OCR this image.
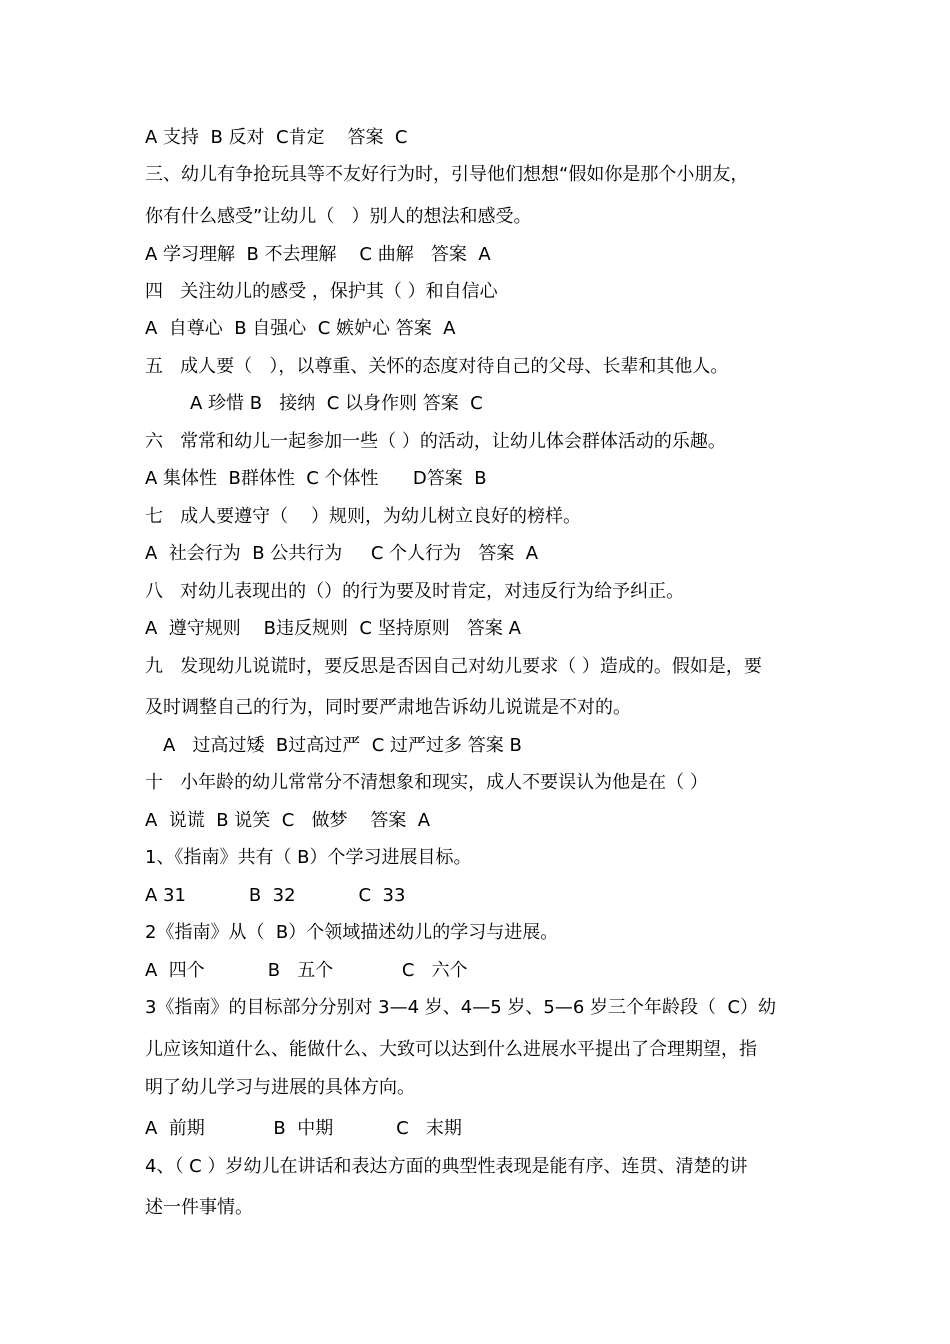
A 支持  B 反对  C肯定    答案  C
三、幼儿有争抢玩具等不友好行为时，引导他们想想“假如你是那个小朋友，
你有什么感受”让幼儿（   ）别人的想法和感受。
A 学习理解  B 不去理解    C 曲解   答案  A
四   关注幼儿的感受 ，保护其（ ）和自信心
A  自尊心  B 自强心  C 嫉妒心 答案  A
五   成人要（   ），以尊重、关怀的态度对待自己的父母、长辈和其他人。
A 珍惜 B   接纳  C 以身作则 答案  C
六   常常和幼儿一起参加一些（ ）的活动，让幼儿体会群体活动的乐趣。
A 集体性  B群体性  C 个体性      D答案  B
七   成人要遵守（    ）规则，为幼儿树立良好的榜样。
A  社会行为  B 公共行为     C 个人行为   答案  A
八   对幼儿表现出的（）的行为要及时肯定，对违反行为给予纠正。
A  遵守规则    B违反规则  C 坚持原则   答案 A
九   发现幼儿说谎时，要反思是否因自己对幼儿要求（ ）造成的。假如是，要
及时调整自己的行为，同时要严肃地告诉幼儿说谎是不对的。
A   过高过矮  B过高过严  C 过严过多 答案 B
十   小年龄的幼儿常常分不清想象和现实，成人不要误认为他是在（ ）
A  说谎  B 说笑  C   做梦    答案  A
1、《指南》共有（ B）个学习进展目标。
A 31           B  32           C  33
2《指南》从（  B）个领域描述幼儿的学习与进展。
A  四个           B   五个            C   六个
3《指南》的目标部分分别对 3—4 岁、4—5 岁、5—6 岁三个年龄段（  C）幼
儿应该知道什么、能做什么、大致可以达到什么进展水平提出了合理期望，指
明了幼儿学习与进展的具体方向。
A  前期            B  中期           C   末期
4、（ C ）岁幼儿在讲话和表达方面的典型性表现是能有序、连贯、清楚的讲
述一件事情。
